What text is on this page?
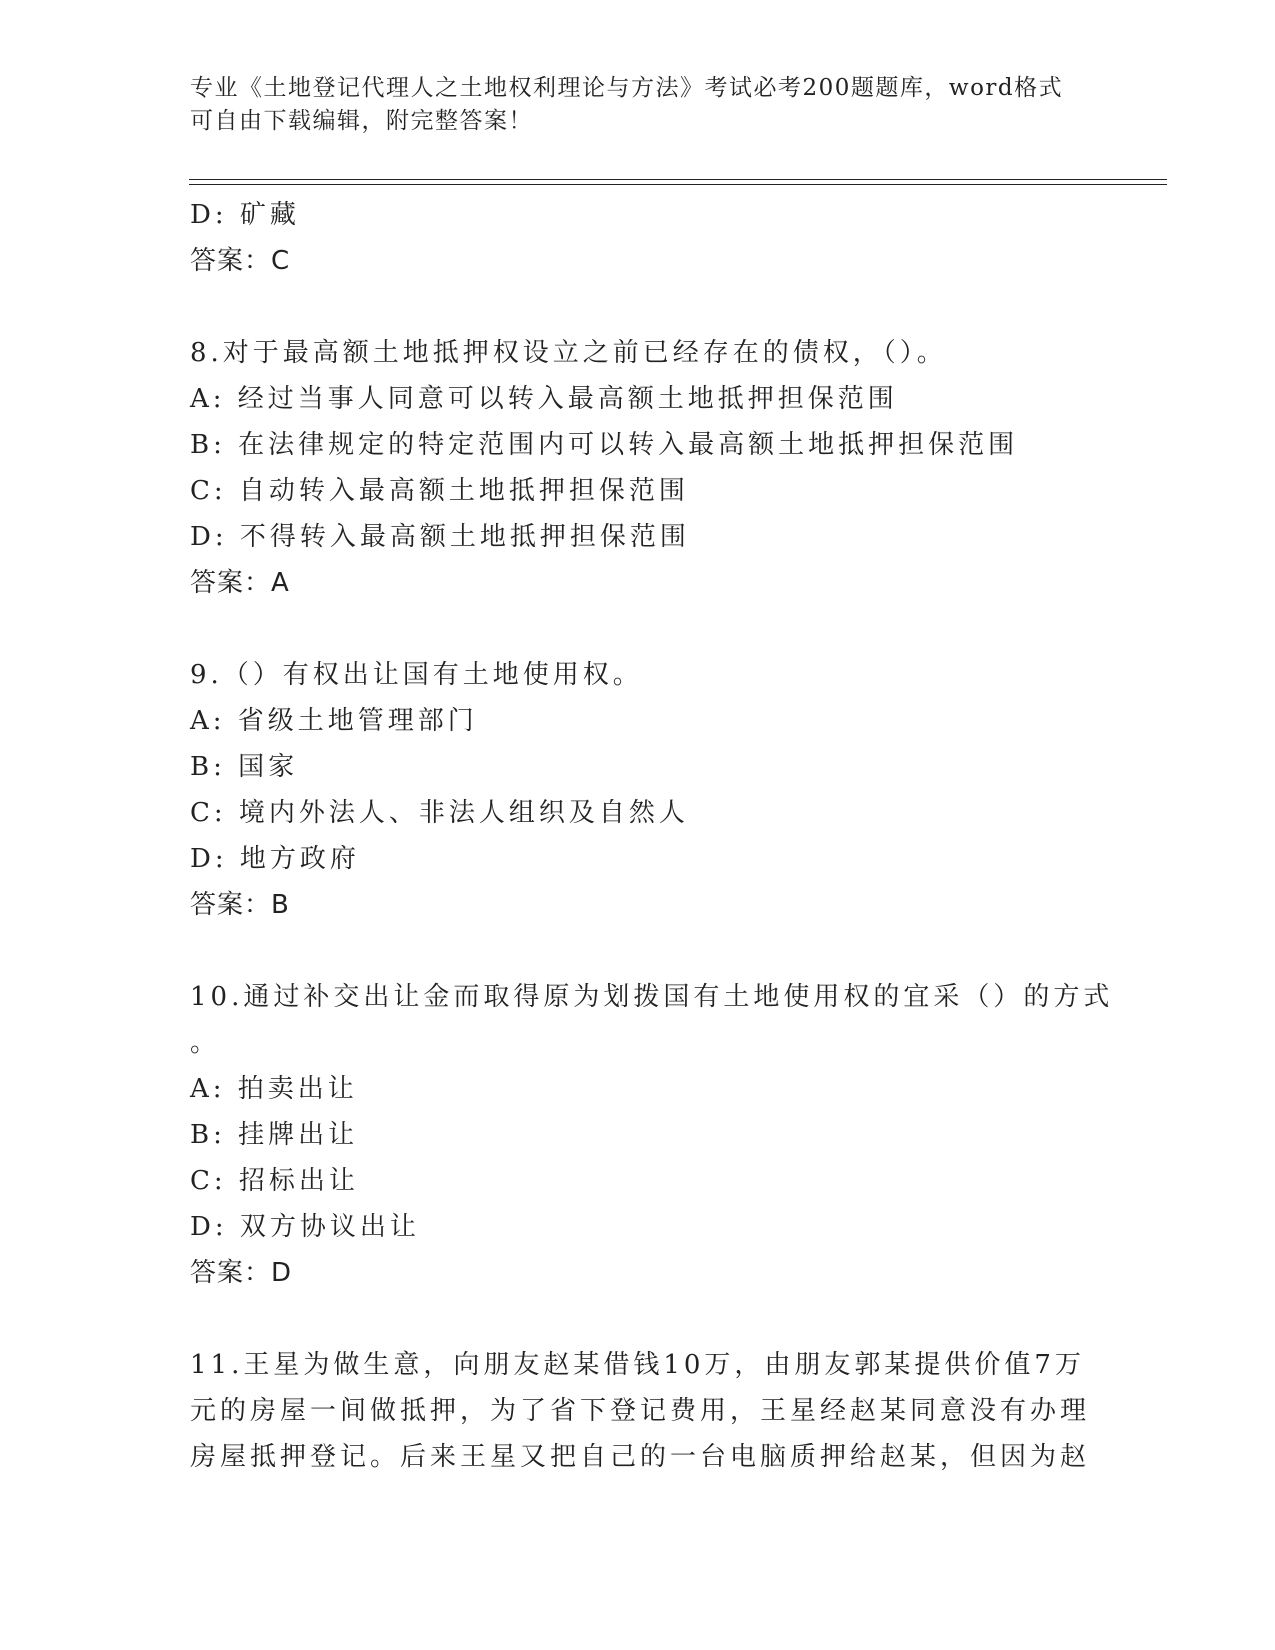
专业《土地登记代理人之土地权利理论与方法》考试必考200题题库，word格式
可自由下载编辑，附完整答案！
D: 矿藏
答案：C
8.对于最高额土地抵押权设立之前已经存在的债权，（）。
A: 经过当事人同意可以转入最高额土地抵押担保范围
B: 在法律规定的特定范围内可以转入最高额土地抵押担保范围
C: 自动转入最高额土地抵押担保范围
D: 不得转入最高额土地抵押担保范围
答案：A
9.（）有权出让国有土地使用权。
A: 省级土地管理部门
B: 国家
C: 境内外法人、非法人组织及自然人
D: 地方政府
答案：B
10.通过补交出让金而取得原为划拨国有土地使用权的宜采（）的方式
。
A: 拍卖出让
B: 挂牌出让
C: 招标出让
D: 双方协议出让
答案：D
11.王星为做生意，向朋友赵某借钱10万，由朋友郭某提供价值7万
元的房屋一间做抵押，为了省下登记费用，王星经赵某同意没有办理
房屋抵押登记。后来王星又把自己的一台电脑质押给赵某，但因为赵
